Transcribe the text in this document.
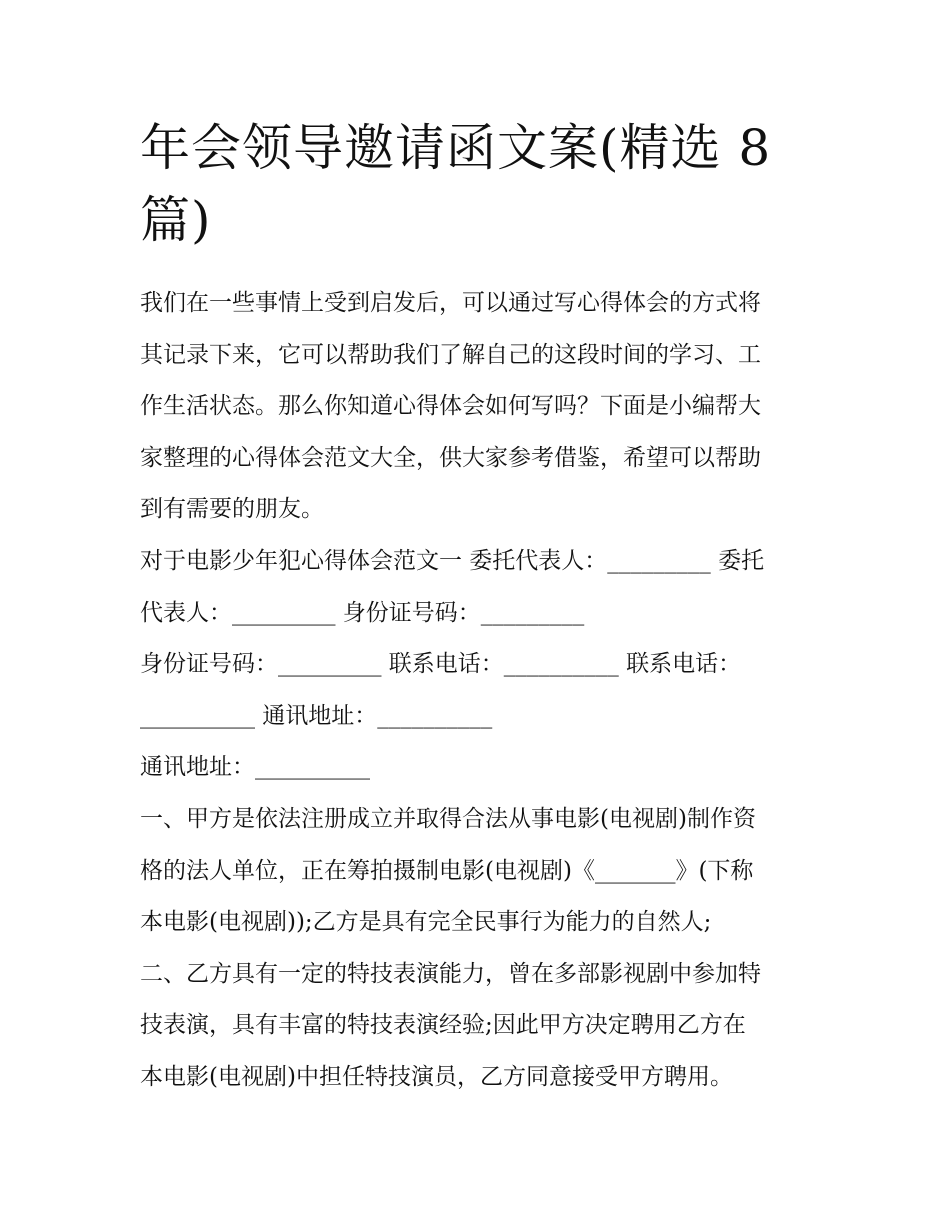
年会领导邀请函文案(精选 8
篇)
我们在一些事情上受到启发后，可以通过写心得体会的方式将
其记录下来，它可以帮助我们了解自己的这段时间的学习、工
作生活状态。那么你知道心得体会如何写吗？下面是小编帮大
家整理的心得体会范文大全，供大家参考借鉴，希望可以帮助
到有需要的朋友。
对于电影少年犯心得体会范文一 委托代表人：_________ 委托
代表人：_________ 身份证号码：_________
身份证号码：_________ 联系电话：__________ 联系电话：
__________ 通讯地址：__________
通讯地址：__________
一、甲方是依法注册成立并取得合法从事电影(电视剧)制作资
格的法人单位，正在筹拍摄制电影(电视剧)《_______》(下称
本电影(电视剧));乙方是具有完全民事行为能力的自然人;
二、乙方具有一定的特技表演能力，曾在多部影视剧中参加特
技表演，具有丰富的特技表演经验;因此甲方决定聘用乙方在
本电影(电视剧)中担任特技演员，乙方同意接受甲方聘用。
